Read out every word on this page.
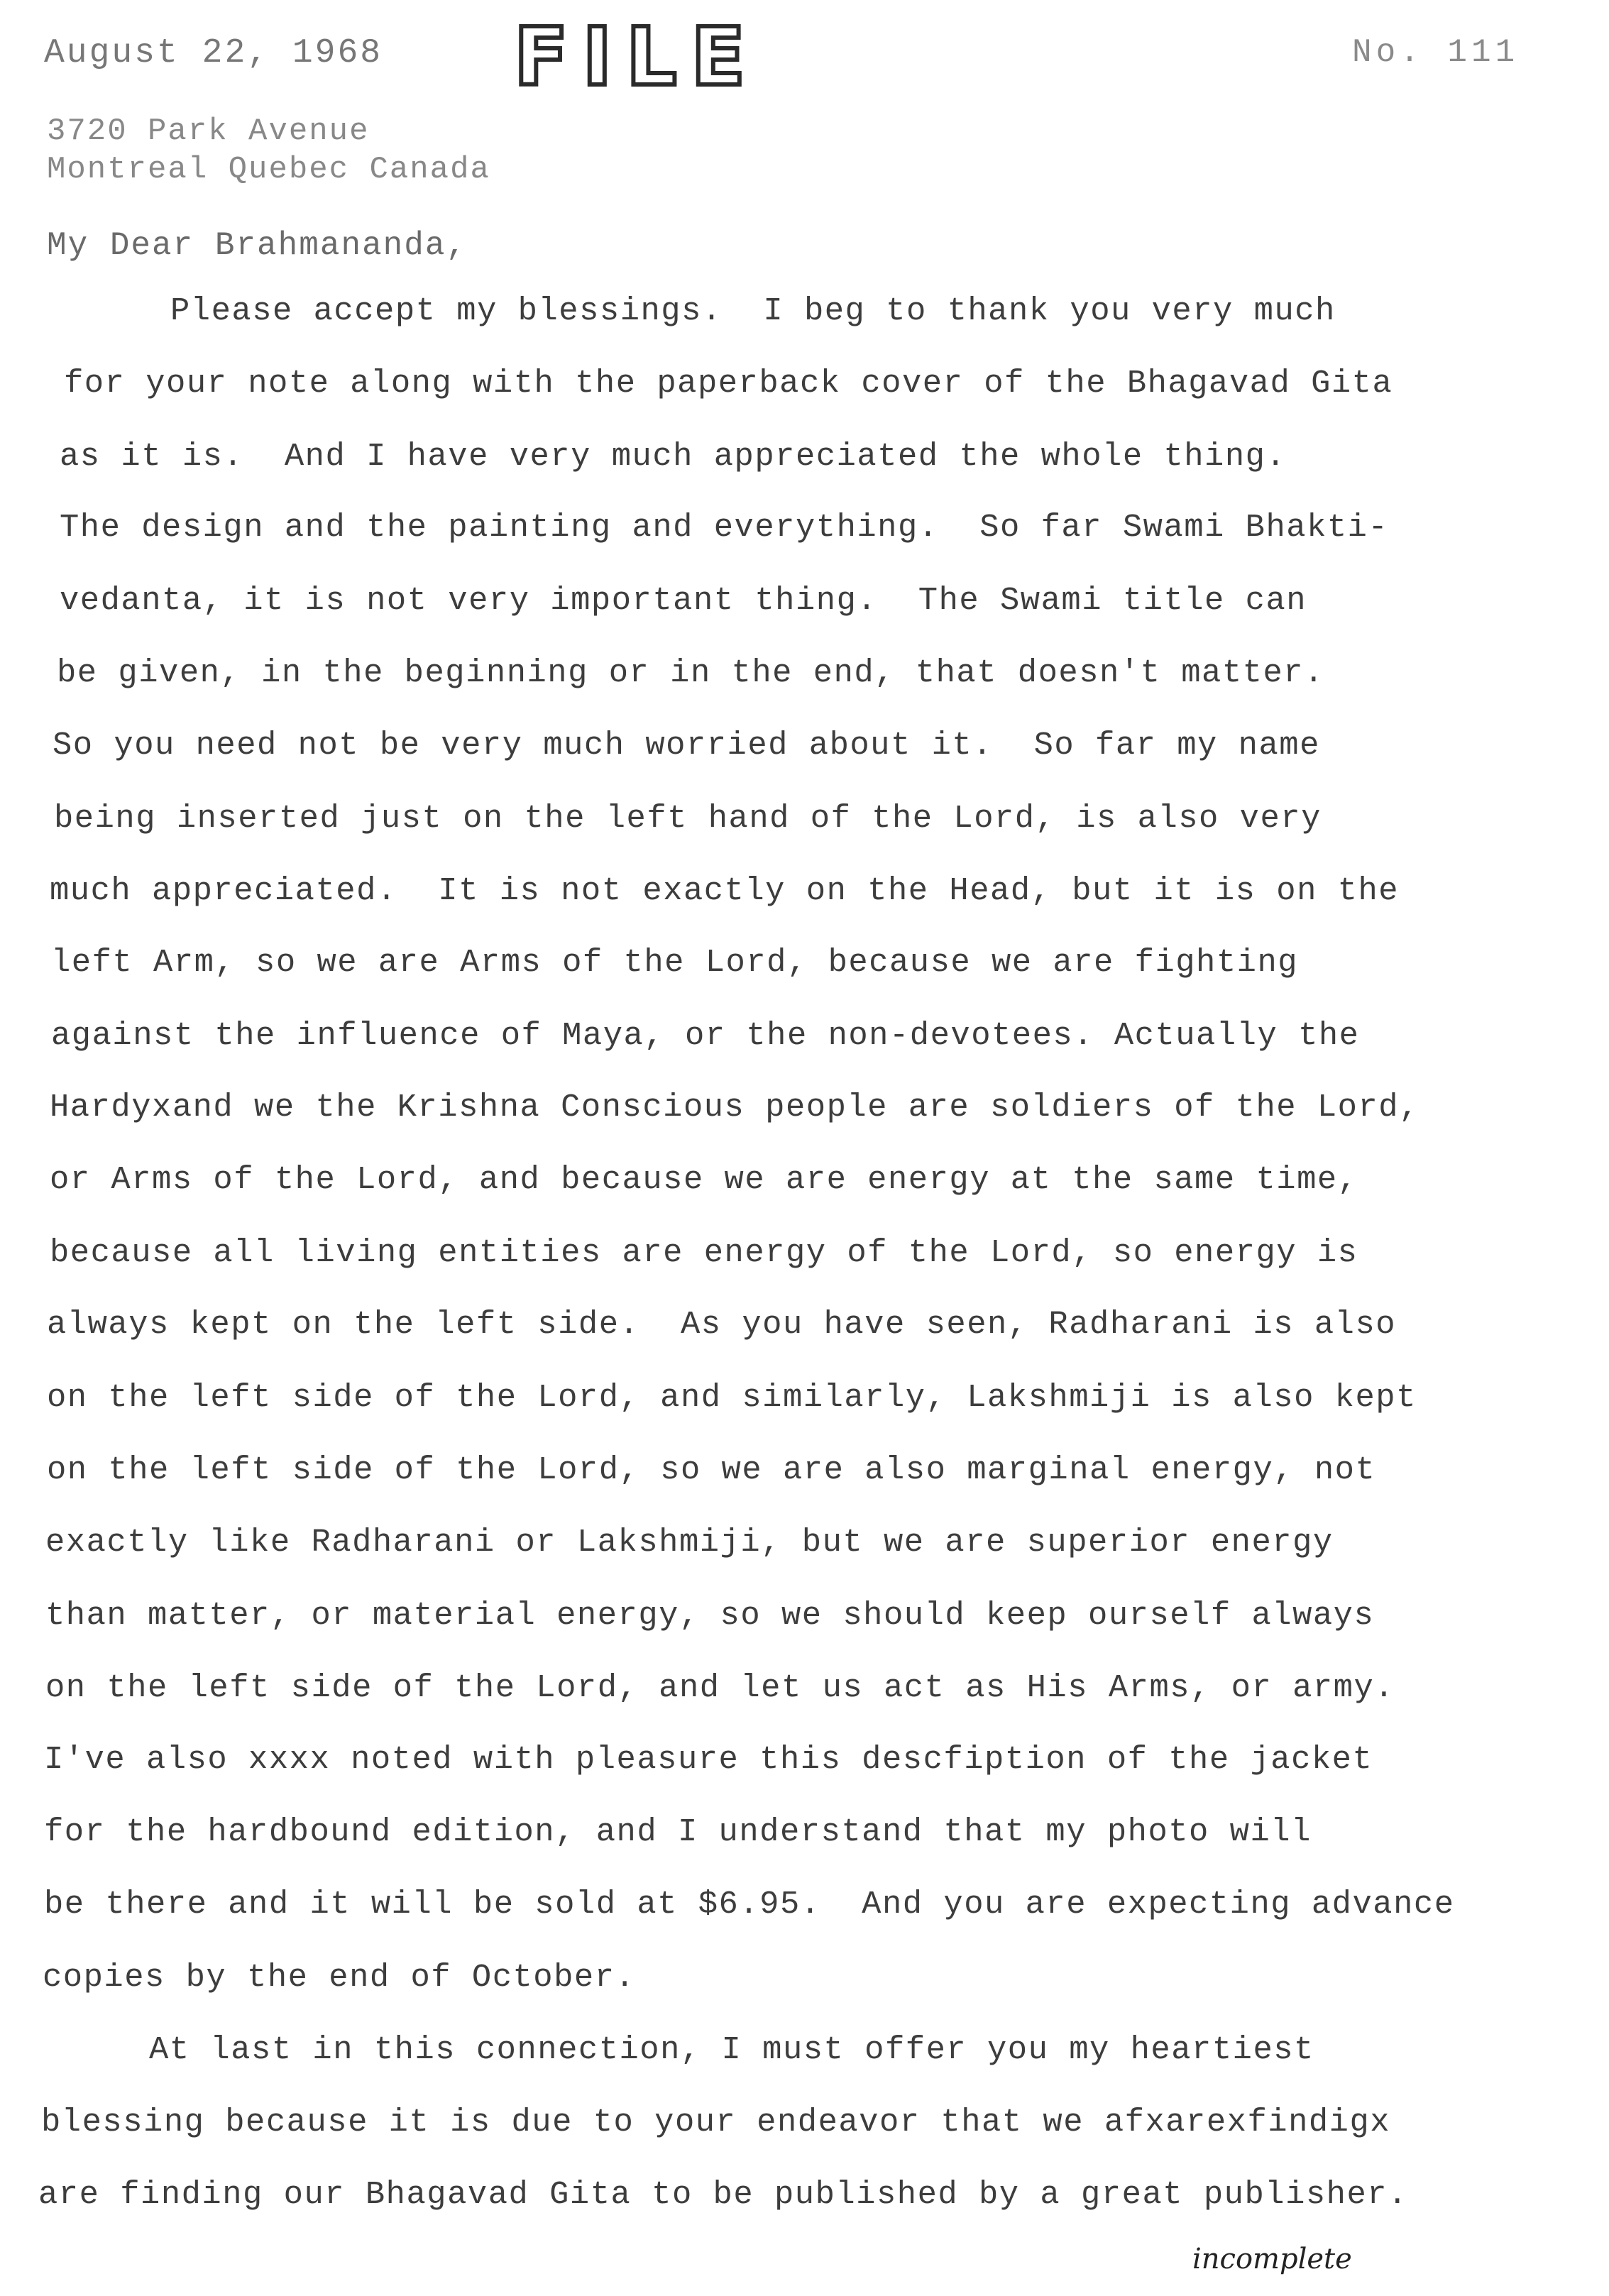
August 22, 1968	FILE	No. 111
3720 Park Avenue
Montreal Quebec Canada
My Dear Brahmananda,
Please accept my blessings.  I beg to thank you very much
for your note along with the paperback cover of the Bhagavad Gita
as it is.  And I have very much appreciated the whole thing.
The design and the painting and everything.  So far Swami Bhakti-
vedanta, it is not very important thing.  The Swami title can
be given, in the beginning or in the end, that doesn't matter.
So you need not be very much worried about it.  So far my name
being inserted just on the left hand of the Lord, is also very
much appreciated.  It is not exactly on the Head, but it is on the
left Arm, so we are Arms of the Lord, because we are fighting
against the influence of Maya, or the non-devotees. Actually the
Hardyxand we the Krishna Conscious people are soldiers of the Lord,
or Arms of the Lord, and because we are energy at the same time,
because all living entities are energy of the Lord, so energy is
always kept on the left side.  As you have seen, Radharani is also
on the left side of the Lord, and similarly, Lakshmiji is also kept
on the left side of the Lord, so we are also marginal energy, not
exactly like Radharani or Lakshmiji, but we are superior energy
than matter, or material energy, so we should keep ourself always
on the left side of the Lord, and let us act as His Arms, or army.
I've also xxxx noted with pleasure this descfiption of the jacket
for the hardbound edition, and I understand that my photo will
be there and it will be sold at $6.95.  And you are expecting advance
copies by the end of October.
At last in this connection, I must offer you my heartiest
blessing because it is due to your endeavor that we afxarexfindigx
are finding our Bhagavad Gita to be published by a great publisher.
incomplete
